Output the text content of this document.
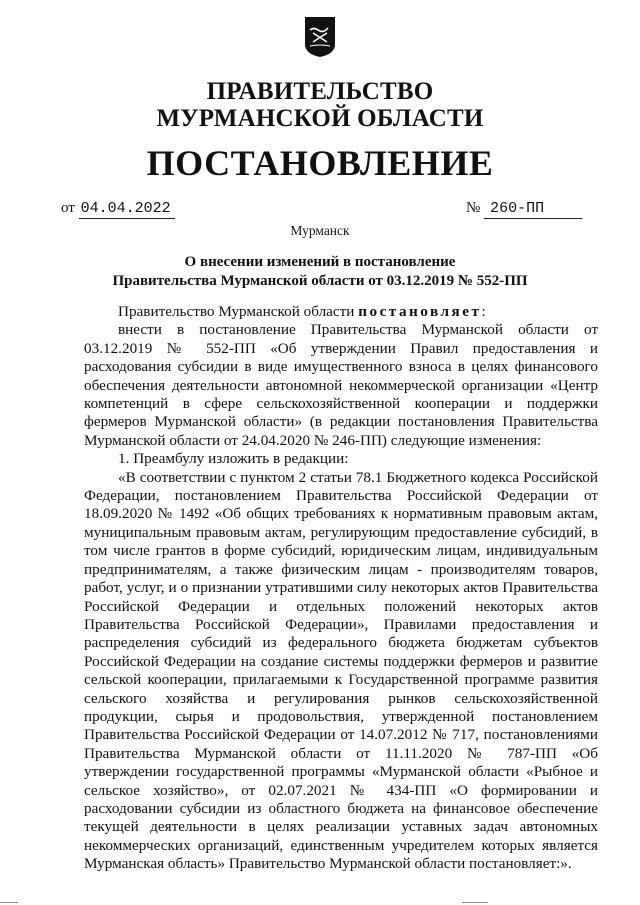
ПРАВИТЕЛЬСТВО
МУРМАНСКОЙ ОБЛАСТИ
ПОСТАНОВЛЕНИЕ
от 04.04.2022	№ 260-ПП
Мурманск
О внесении изменений в постановление
Правительства Мурманской области от 03.12.2019 № 552-ПП

Правительство Мурманской области постановляет:

внести в постановление Правительства Мурманской области от 03.12.2019 № 552-ПП «Об утверждении Правил предоставления и расходования субсидии в виде имущественного взноса в целях финансового обеспечения деятельности автономной некоммерческой организации «Центр компетенций в сфере сельскохозяйственной кооперации и поддержки фермеров Мурманской области» (в редакции постановления Правительства Мурманской области от 24.04.2020 № 246-ПП) следующие изменения:

1. Преамбулу изложить в редакции:

«В соответствии с пунктом 2 статьи 78.1 Бюджетного кодекса Российской Федерации, постановлением Правительства Российской Федерации от 18.09.2020 № 1492 «Об общих требованиях к нормативным правовым актам, муниципальным правовым актам, регулирующим предоставление субсидий, в том числе грантов в форме субсидий, юридическим лицам, индивидуальным предпринимателям, а также физическим лицам - производителям товаров, работ, услуг, и о признании утратившими силу некоторых актов Правительства Российской Федерации и отдельных положений некоторых актов Правительства Российской Федерации», Правилами предоставления и распределения субсидий из федерального бюджета бюджетам субъектов Российской Федерации на создание системы поддержки фермеров и развитие сельской кооперации, прилагаемыми к Государственной программе развития сельского хозяйства и регулирования рынков сельскохозяйственной продукции, сырья и продовольствия, утвержденной постановлением Правительства Российской Федерации от 14.07.2012 № 717, постановлениями Правительства Мурманской области от 11.11.2020 № 787-ПП «Об утверждении государственной программы «Мурманской области «Рыбное и сельское хозяйство», от 02.07.2021 № 434-ПП «О формировании и расходовании субсидии из областного бюджета на финансовое обеспечение текущей деятельности в целях реализации уставных задач автономных некоммерческих организаций, единственным учредителем которых является Мурманская область» Правительство Мурманской области постановляет:».
